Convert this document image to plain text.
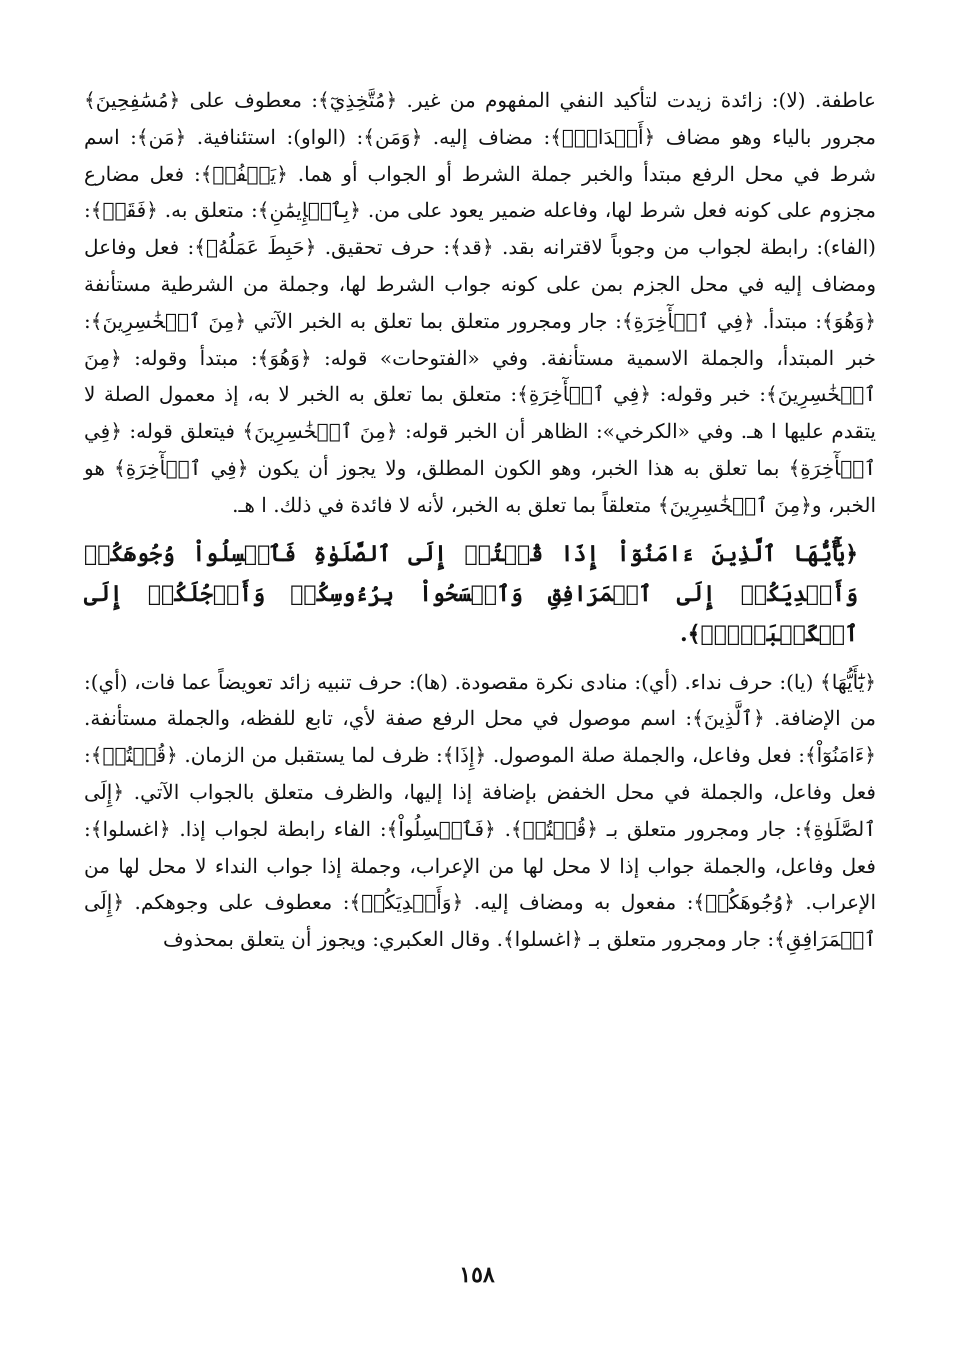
عاطفة. (لا): زائدة زيدت لتأكيد النفي المفهوم من غير. ﴿مُتَّخِذِيٓ﴾: معطوف على ﴿مُسَٰفِحِينَ﴾ مجرور بالياء وهو مضاف ﴿أَخۡدَانٖۗ﴾: مضاف إليه. ﴿وَمَن﴾: (الواو): استئنافية. ﴿مَن﴾: اسم شرط في محل الرفع مبتدأ والخبر جملة الشرط أو الجواب أو هما. ﴿يَكۡفُرۡ﴾: فعل مضارع مجزوم على كونه فعل شرط لها، وفاعله ضمير يعود على من. ﴿بِٱلۡإِيمَٰنِ﴾: متعلق به. ﴿فَقَدۡ﴾: (الفاء): رابطة لجواب من وجوباً لاقترانه بقد. ﴿قد﴾: حرف تحقيق. ﴿حَبِطَ عَمَلُهُۥ﴾: فعل وفاعل ومضاف إليه في محل الجزم بمن على كونه جواب الشرط لها، وجملة من الشرطية مستأنفة ﴿وَهُوَ﴾: مبتدأ. ﴿فِي ٱلۡأٓخِرَةِ﴾: جار ومجرور متعلق بما تعلق به الخبر الآتي ﴿مِنَ ٱلۡخَٰسِرِينَ﴾: خبر المبتدأ، والجملة الاسمية مستأنفة. وفي «الفتوحات» قوله: ﴿وَهُوَ﴾: مبتدأ وقوله: ﴿مِنَ ٱلۡخَٰسِرِينَ﴾: خبر وقوله: ﴿فِي ٱلۡأٓخِرَةِ﴾: متعلق بما تعلق به الخبر لا به، إذ معمول الصلة لا يتقدم عليها ا هـ. وفي «الكرخي»: الظاهر أن الخبر قوله: ﴿مِنَ ٱلۡخَٰسِرِينَ﴾ فيتعلق قوله: ﴿فِي ٱلۡأٓخِرَةِ﴾ بما تعلق به هذا الخبر، وهو الكون المطلق، ولا يجوز أن يكون ﴿فِي ٱلۡأٓخِرَةِ﴾ هو الخبر، و﴿مِنَ ٱلۡخَٰسِرِينَ﴾ متعلقاً بما تعلق به الخبر، لأنه لا فائدة في ذلك. ا هـ.

﴿يَٰٓأَيُّهَا ٱلَّذِينَ ءَامَنُوٓاْ إِذَا قُمۡتُمۡ إِلَى ٱلصَّلَوٰةِ فَٱغۡسِلُواْ وُجُوهَكُمۡ وَأَيۡدِيَكُمۡ إِلَى ٱلۡمَرَافِقِ وَٱمۡسَحُواْ بِرُءُوسِكُمۡ وَأَرۡجُلَكُمۡ إِلَى ٱلۡكَعۡبَيۡنِۚ﴾.

﴿يَٰٓأَيُّهَا﴾ (يا): حرف نداء. (أي): منادى نكرة مقصودة. (ها): حرف تنبيه زائد تعويضاً عما فات، (أي): من الإضافة. ﴿ٱلَّذِينَ﴾: اسم موصول في محل الرفع صفة لأي، تابع للفظه، والجملة مستأنفة. ﴿ءَامَنُوٓاْ﴾: فعل وفاعل، والجملة صلة الموصول. ﴿إِذَا﴾: ظرف لما يستقبل من الزمان. ﴿قُمۡتُمۡ﴾: فعل وفاعل، والجملة في محل الخفض بإضافة إذا إليها، والظرف متعلق بالجواب الآتي. ﴿إِلَى ٱلصَّلَوٰةِ﴾: جار ومجرور متعلق بـ ﴿قُمۡتُمۡ﴾. ﴿فَٱغۡسِلُواْ﴾: الفاء رابطة لجواب إذا. ﴿اغسلوا﴾: فعل وفاعل، والجملة جواب إذا لا محل لها من الإعراب، وجملة إذا جواب النداء لا محل لها من الإعراب. ﴿وُجُوهَكُمۡ﴾: مفعول به ومضاف إليه. ﴿وَأَيۡدِيَكُمۡ﴾: معطوف على وجوهكم. ﴿إِلَى ٱلۡمَرَافِقِ﴾: جار ومجرور متعلق بـ ﴿اغسلوا﴾. وقال العكبري: ويجوز أن يتعلق بمحذوف

١٥٨
